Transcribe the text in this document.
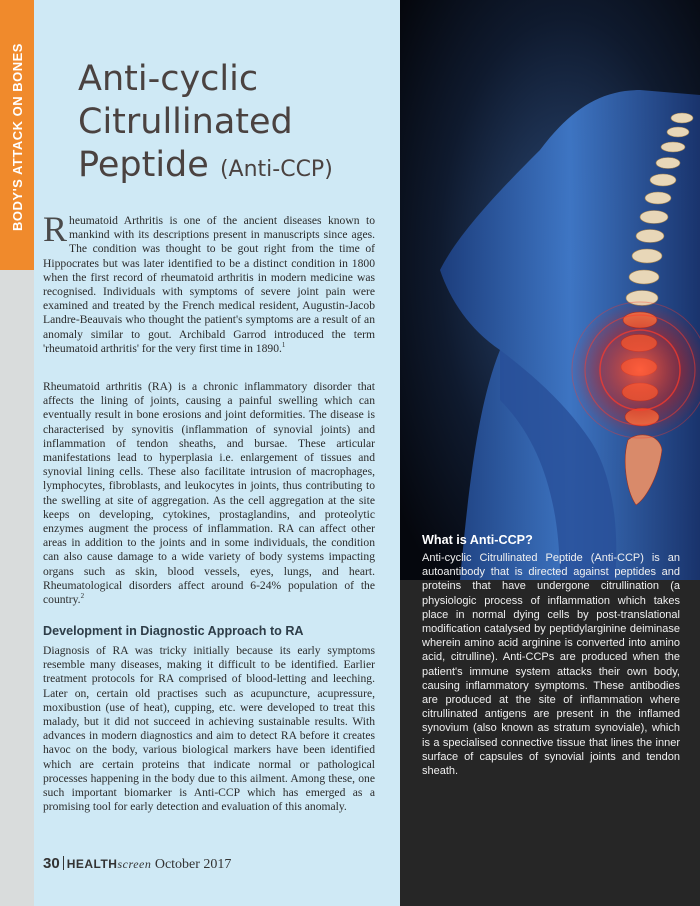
BODY'S ATTACK ON BONES Anti-cyclic
Citrullinated
Peptide (Anti-CCP)
Rheumatoid Arthritis is one of the ancient diseases known to mankind with its descriptions present in manuscripts since ages. The condition was thought to be gout right from the time of Hippocrates but was later identified to be a distinct condition in 1800 when the first record of rheumatoid arthritis in modern medicine was recognised. Individuals with symptoms of severe joint pain were examined and treated by the French medical resident, Augustin-Jacob Landre-Beauvais who thought the patient's symptoms are a result of an anomaly similar to gout. Archibald Garrod introduced the term 'rheumatoid arthritis' for the very first time in 1890.$^1$
Rheumatoid arthritis (RA) is a chronic inflammatory disorder that affects the lining of joints, causing a painful swelling which can eventually result in bone erosions and joint deformities. The disease is characterised by synovitis (inflammation of synovial joints) and inflammation of tendon sheaths, and bursae. These articular manifestations lead to hyperplasia i.e. enlargement of tissues and synovial lining cells. These also facilitate intrusion of macrophages, lymphocytes, fibroblasts, and leukocytes in joints, thus contributing to the swelling at site of aggregation. As the cell aggregation at the site keeps on developing, cytokines, prostaglandins, and proteolytic enzymes augment the process of inflammation. RA can affect other areas in addition to the joints and in some individuals, the condition can also cause damage to a wide variety of body systems impacting organs such as skin, blood vessels, eyes, lungs, and heart. Rheumatological disorders affect around 6-24% population of the country.$^2$
Development in Diagnostic Approach to RA
Diagnosis of RA was tricky initially because its early symptoms resemble many diseases, making it difficult to be identified. Earlier treatment protocols for RA comprised of blood-letting and leeching. Later on, certain old practises such as acupuncture, acupressure, moxibustion (use of heat), cupping, etc. were developed to treat this malady, but it did not succeed in achieving sustainable results. With advances in modern diagnostics and aim to detect RA before it creates havoc on the body, various biological markers have been identified which are certain proteins that indicate normal or pathological processes happening in the body due to this ailment. Among these, one such important biomarker is Anti-CCP which has emerged as a promising tool for early detection and evaluation of this anomaly.
30 HEALTHscreen October 2017
What is Anti-CCP?
Anti-cyclic Citrullinated Peptide (Anti-CCP) is an autoantibody that is directed against peptides and proteins that have undergone citrullination (a physiologic process of inflammation which takes place in normal dying cells by post-translational modification catalysed by peptidylarginine deiminase wherein amino acid arginine is converted into amino acid, citrulline). Anti-CCPs are produced when the patient's immune system attacks their own body, causing inflammatory symptoms. These antibodies are produced at the site of inflammation where citrullinated antigens are present in the inflamed synovium (also known as stratum synoviale), which is a specialised connective tissue that lines the inner surface of capsules of synovial joints and tendon sheath.
